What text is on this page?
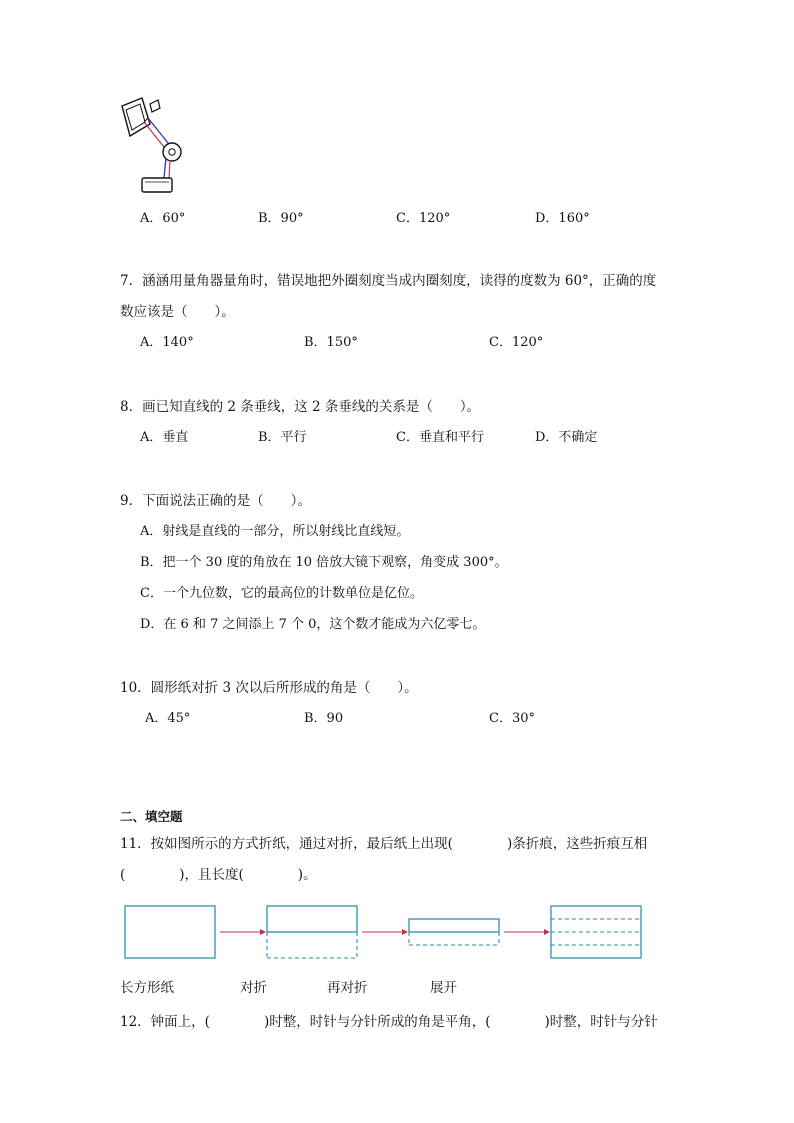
A．60°	B．90°	C．120°	D．160°
7．涵涵用量角器量角时，错误地把外圈刻度当成内圈刻度，读得的度数为 60°，正确的度
数应该是（　　）。
A．140°	B．150°	C．120°
8．画已知直线的 2 条垂线，这 2 条垂线的关系是（　　）。
A．垂直	B．平行	C．垂直和平行	D．不确定
9．下面说法正确的是（　　）。
A．射线是直线的一部分，所以射线比直线短。
B．把一个 30 度的角放在 10 倍放大镜下观察，角变成 300°。
C．一个九位数，它的最高位的计数单位是亿位。
D．在 6 和 7 之间添上 7 个 0，这个数才能成为六亿零七。
10．圆形纸对折 3 次以后所形成的角是（　　）。
A．45°	B．90	C．30°
二、填空题
11．按如图所示的方式折纸，通过对折，最后纸上出现(　　　　)条折痕，这些折痕互相
(　　　　)，且长度(　　　　)。
长方形纸	对折	再对折	展开
12．钟面上，(　　　　)时整，时针与分针所成的角是平角，(　　　　)时整，时针与分针
